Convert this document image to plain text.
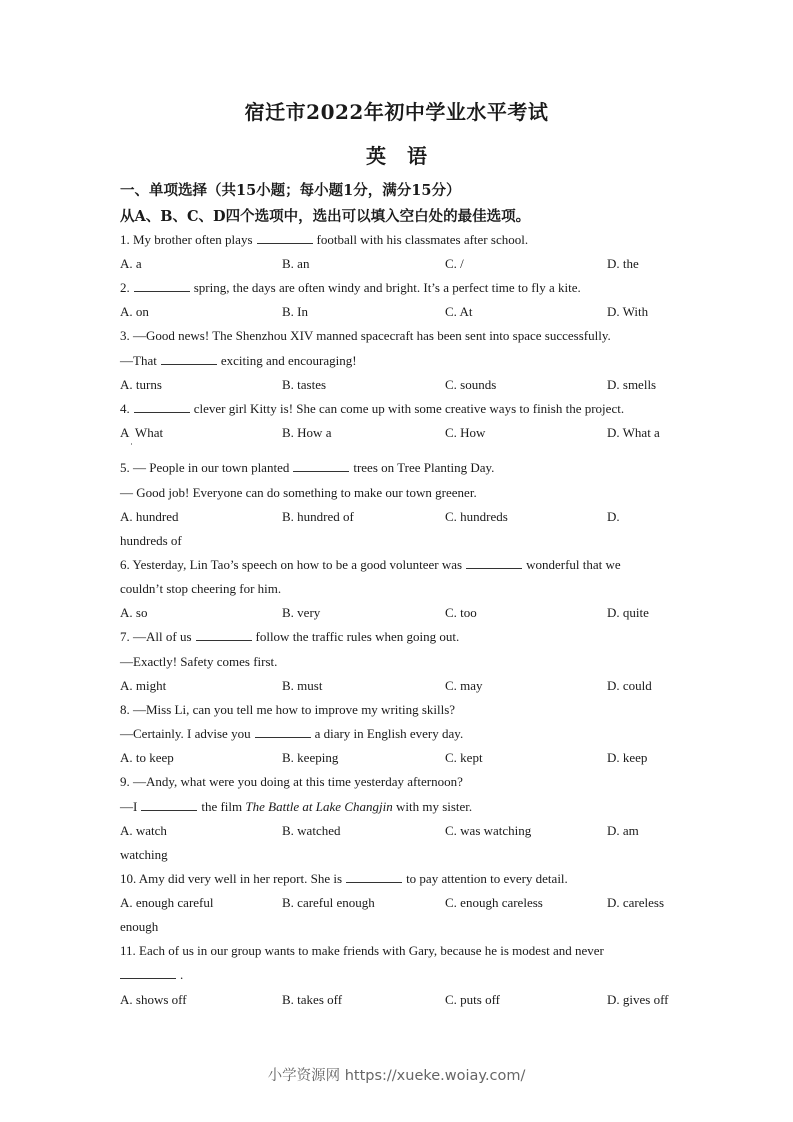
宿迁市2022年初中学业水平考试
英 语
一、单项选择（共15小题；每小题1分，满分15分）
从A、B、C、D四个选项中，选出可以填入空白处的最佳选项。
1. My brother often plays	football with his classmates after school.
A. a	B. an	C. /	D. the
2.	spring, the days are often windy and bright. It’s a perfect time to fly a kite.
A. on	B. In	C. At	D. With
3. —Good news! The Shenzhou XIV manned spacecraft has been sent into space successfully.
—That	exciting and encouraging!
A. turns	B. tastes	C. sounds	D. smells
4.	clever girl Kitty is! She can come up with some creative ways to finish the project.
A  What	B. How a	C. How	D. What a
5. — People in our town planted	trees on Tree Planting Day.
— Good job! Everyone can do something to make our town greener.
A. hundred	B. hundred of	C. hundreds	D.
hundreds of
6. Yesterday, Lin Tao’s speech on how to be a good volunteer was	wonderful that we
couldn’t stop cheering for him.
A. so	B. very	C. too	D. quite
7. —All of us	follow the traffic rules when going out.
—Exactly! Safety comes first.
A. might	B. must	C. may	D. could
8. —Miss Li, can you tell me how to improve my writing skills?
—Certainly. I advise you	a diary in English every day.
A. to keep	B. keeping	C. kept	D. keep
9. —Andy, what were you doing at this time yesterday afternoon?
—I	the film The Battle at Lake Changjin with my sister.
A. watch	B. watched	C. was watching	D. am
watching
10. Amy did very well in her report. She is	to pay attention to every detail.
A. enough careful	B. careful enough	C. enough careless	D. careless
enough
11. Each of us in our group wants to make friends with Gary, because he is modest and never
.
A. shows off	B. takes off	C. puts off	D. gives off
小学资源网 https://xueke.woiay.com/
